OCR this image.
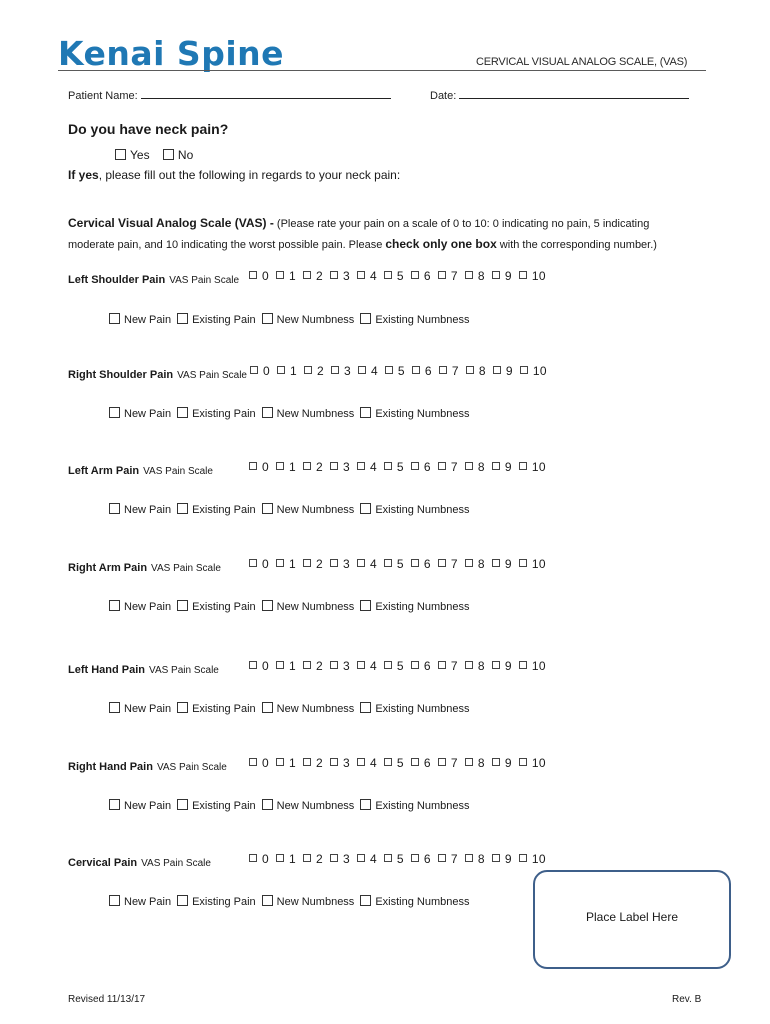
Kenai Spine	CERVICAL VISUAL ANALOG SCALE, (VAS)
Patient Name:	Date:
Do you have neck pain?
Yes No
If yes, please fill out the following in regards to your neck pain:
Cervical Visual Analog Scale (VAS) - (Please rate your pain on a scale of 0 to 10: 0 indicating no pain, 5 indicating
moderate pain, and 10 indicating the worst possible pain. Please check only one box with the corresponding number.)
Left Shoulder Pain VAS Pain Scale	0 1 2 3 4 5 6 7 8 9 10
New Pain Existing Pain New Numbness Existing Numbness
Right Shoulder Pain VAS Pain Scale	0 1 2 3 4 5 6 7 8 9 10
New Pain Existing Pain New Numbness Existing Numbness
Left Arm Pain VAS Pain Scale	0 1 2 3 4 5 6 7 8 9 10
New Pain Existing Pain New Numbness Existing Numbness
Right Arm Pain VAS Pain Scale	0 1 2 3 4 5 6 7 8 9 10
New Pain Existing Pain New Numbness Existing Numbness
Left Hand Pain VAS Pain Scale	0 1 2 3 4 5 6 7 8 9 10
New Pain Existing Pain New Numbness Existing Numbness
Right Hand Pain VAS Pain Scale	0 1 2 3 4 5 6 7 8 9 10
New Pain Existing Pain New Numbness Existing Numbness
Cervical Pain VAS Pain Scale	0 1 2 3 4 5 6 7 8 9 10
New Pain Existing Pain New Numbness Existing Numbness
Place Label Here
Revised 11/13/17	Rev. B
